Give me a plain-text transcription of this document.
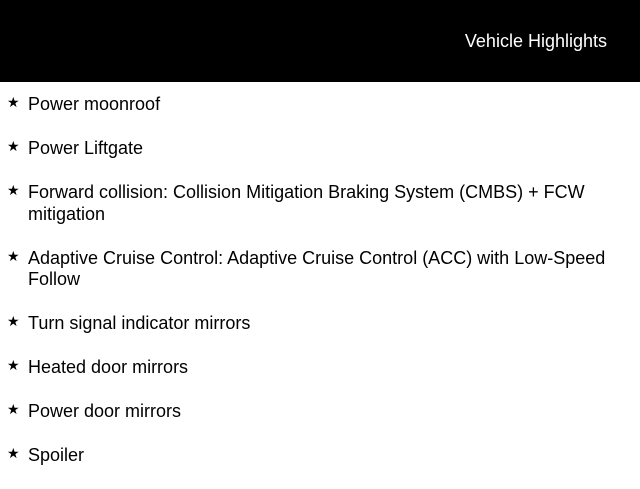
Vehicle Highlights
★ Power moonroof
★ Power Liftgate
★ Forward collision: Collision Mitigation Braking System (CMBS) + FCW mitigation
★ Adaptive Cruise Control: Adaptive Cruise Control (ACC) with Low-Speed Follow
★ Turn signal indicator mirrors
★ Heated door mirrors
★ Power door mirrors
★ Spoiler
